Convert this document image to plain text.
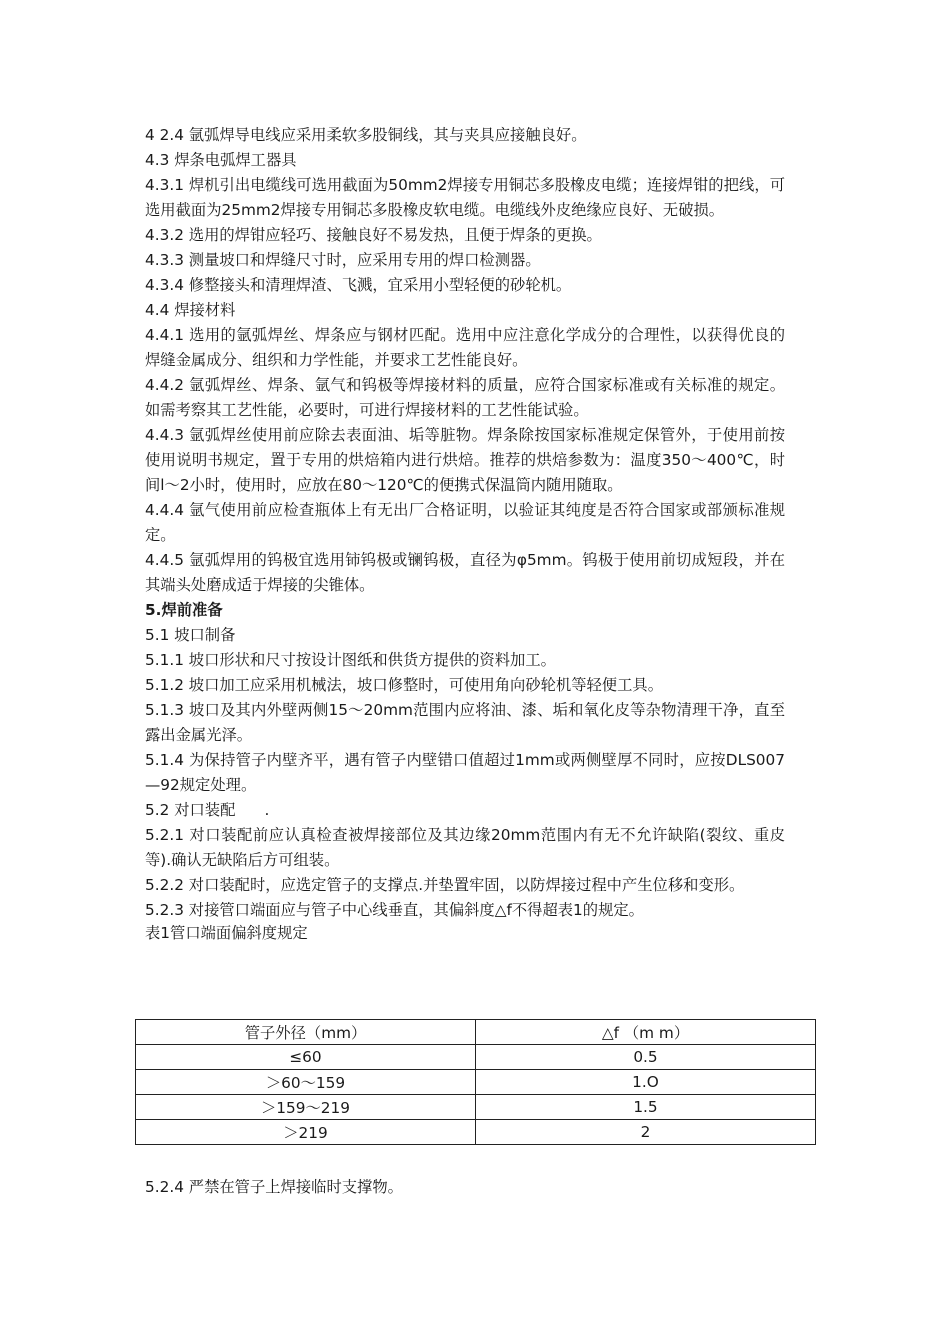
4 2.4 氩弧焊导电线应采用柔软多股铜线，其与夹具应接触良好。

4.3 焊条电弧焊工器具

4.3.1 焊机引出电缆线可选用截面为50mm2焊接专用铜芯多股橡皮电缆；连接焊钳的把线，可选用截面为25mm2焊接专用铜芯多股橡皮软电缆。电缆线外皮绝缘应良好、无破损。

4.3.2 选用的焊钳应轻巧、接触良好不易发热，且便于焊条的更换。

4.3.3 测量坡口和焊缝尺寸时，应采用专用的焊口检测器。

4.3.4 修整接头和清理焊渣、飞溅，宜采用小型轻便的砂轮机。

4.4 焊接材料

4.4.1 选用的氩弧焊丝、焊条应与钢材匹配。选用中应注意化学成分的合理性，以获得优良的焊缝金属成分、组织和力学性能，并要求工艺性能良好。

4.4.2 氩弧焊丝、焊条、氩气和钨极等焊接材料的质量，应符合国家标准或有关标准的规定。如需考察其工艺性能，必要时，可进行焊接材料的工艺性能试验。

4.4.3 氩弧焊丝使用前应除去表面油、垢等脏物。焊条除按国家标准规定保管外，于使用前按使用说明书规定，置于专用的烘焙箱内进行烘焙。推荐的烘焙参数为：温度350～400℃，时间l～2小时，使用时，应放在80～120℃的便携式保温筒内随用随取。

4.4.4 氩气使用前应检查瓶体上有无出厂合格证明，以验证其纯度是否符合国家或部颁标准规定。

4.4.5 氩弧焊用的钨极宜选用铈钨极或镧钨极，直径为φ5mm。钨极于使用前切成短段，并在其端头处磨成适于焊接的尖锥体。

5.焊前准备

5.1 坡口制备

5.1.1 坡口形状和尺寸按设计图纸和供货方提供的资料加工。

5.1.2 坡口加工应采用机械法，坡口修整时，可使用角向砂轮机等轻便工具。

5.1.3 坡口及其内外壁两侧15～20mm范围内应将油、漆、垢和氧化皮等杂物清理干净，直至露出金属光泽。

5.1.4 为保持管子内壁齐平，遇有管子内壁错口值超过1mm或两侧壁厚不同时，应按DLS007—92规定处理。

5.2 对口装配      .

5.2.1 对口装配前应认真检查被焊接部位及其边缘20mm范围内有无不允许缺陷(裂纹、重皮等).确认无缺陷后方可组装。

5.2.2 对口装配时，应选定管子的支撑点.并垫置牢固，以防焊接过程中产生位移和变形。

5.2.3 对接管口端面应与管子中心线垂直，其偏斜度△f不得超表1的规定。

表1管口端面偏斜度规定

管子外径（mm）	△f （m m）
≤60	0.5
＞60～159	1.O
＞159～219	1.5
＞219	2

5.2.4 严禁在管子上焊接临时支撑物。
